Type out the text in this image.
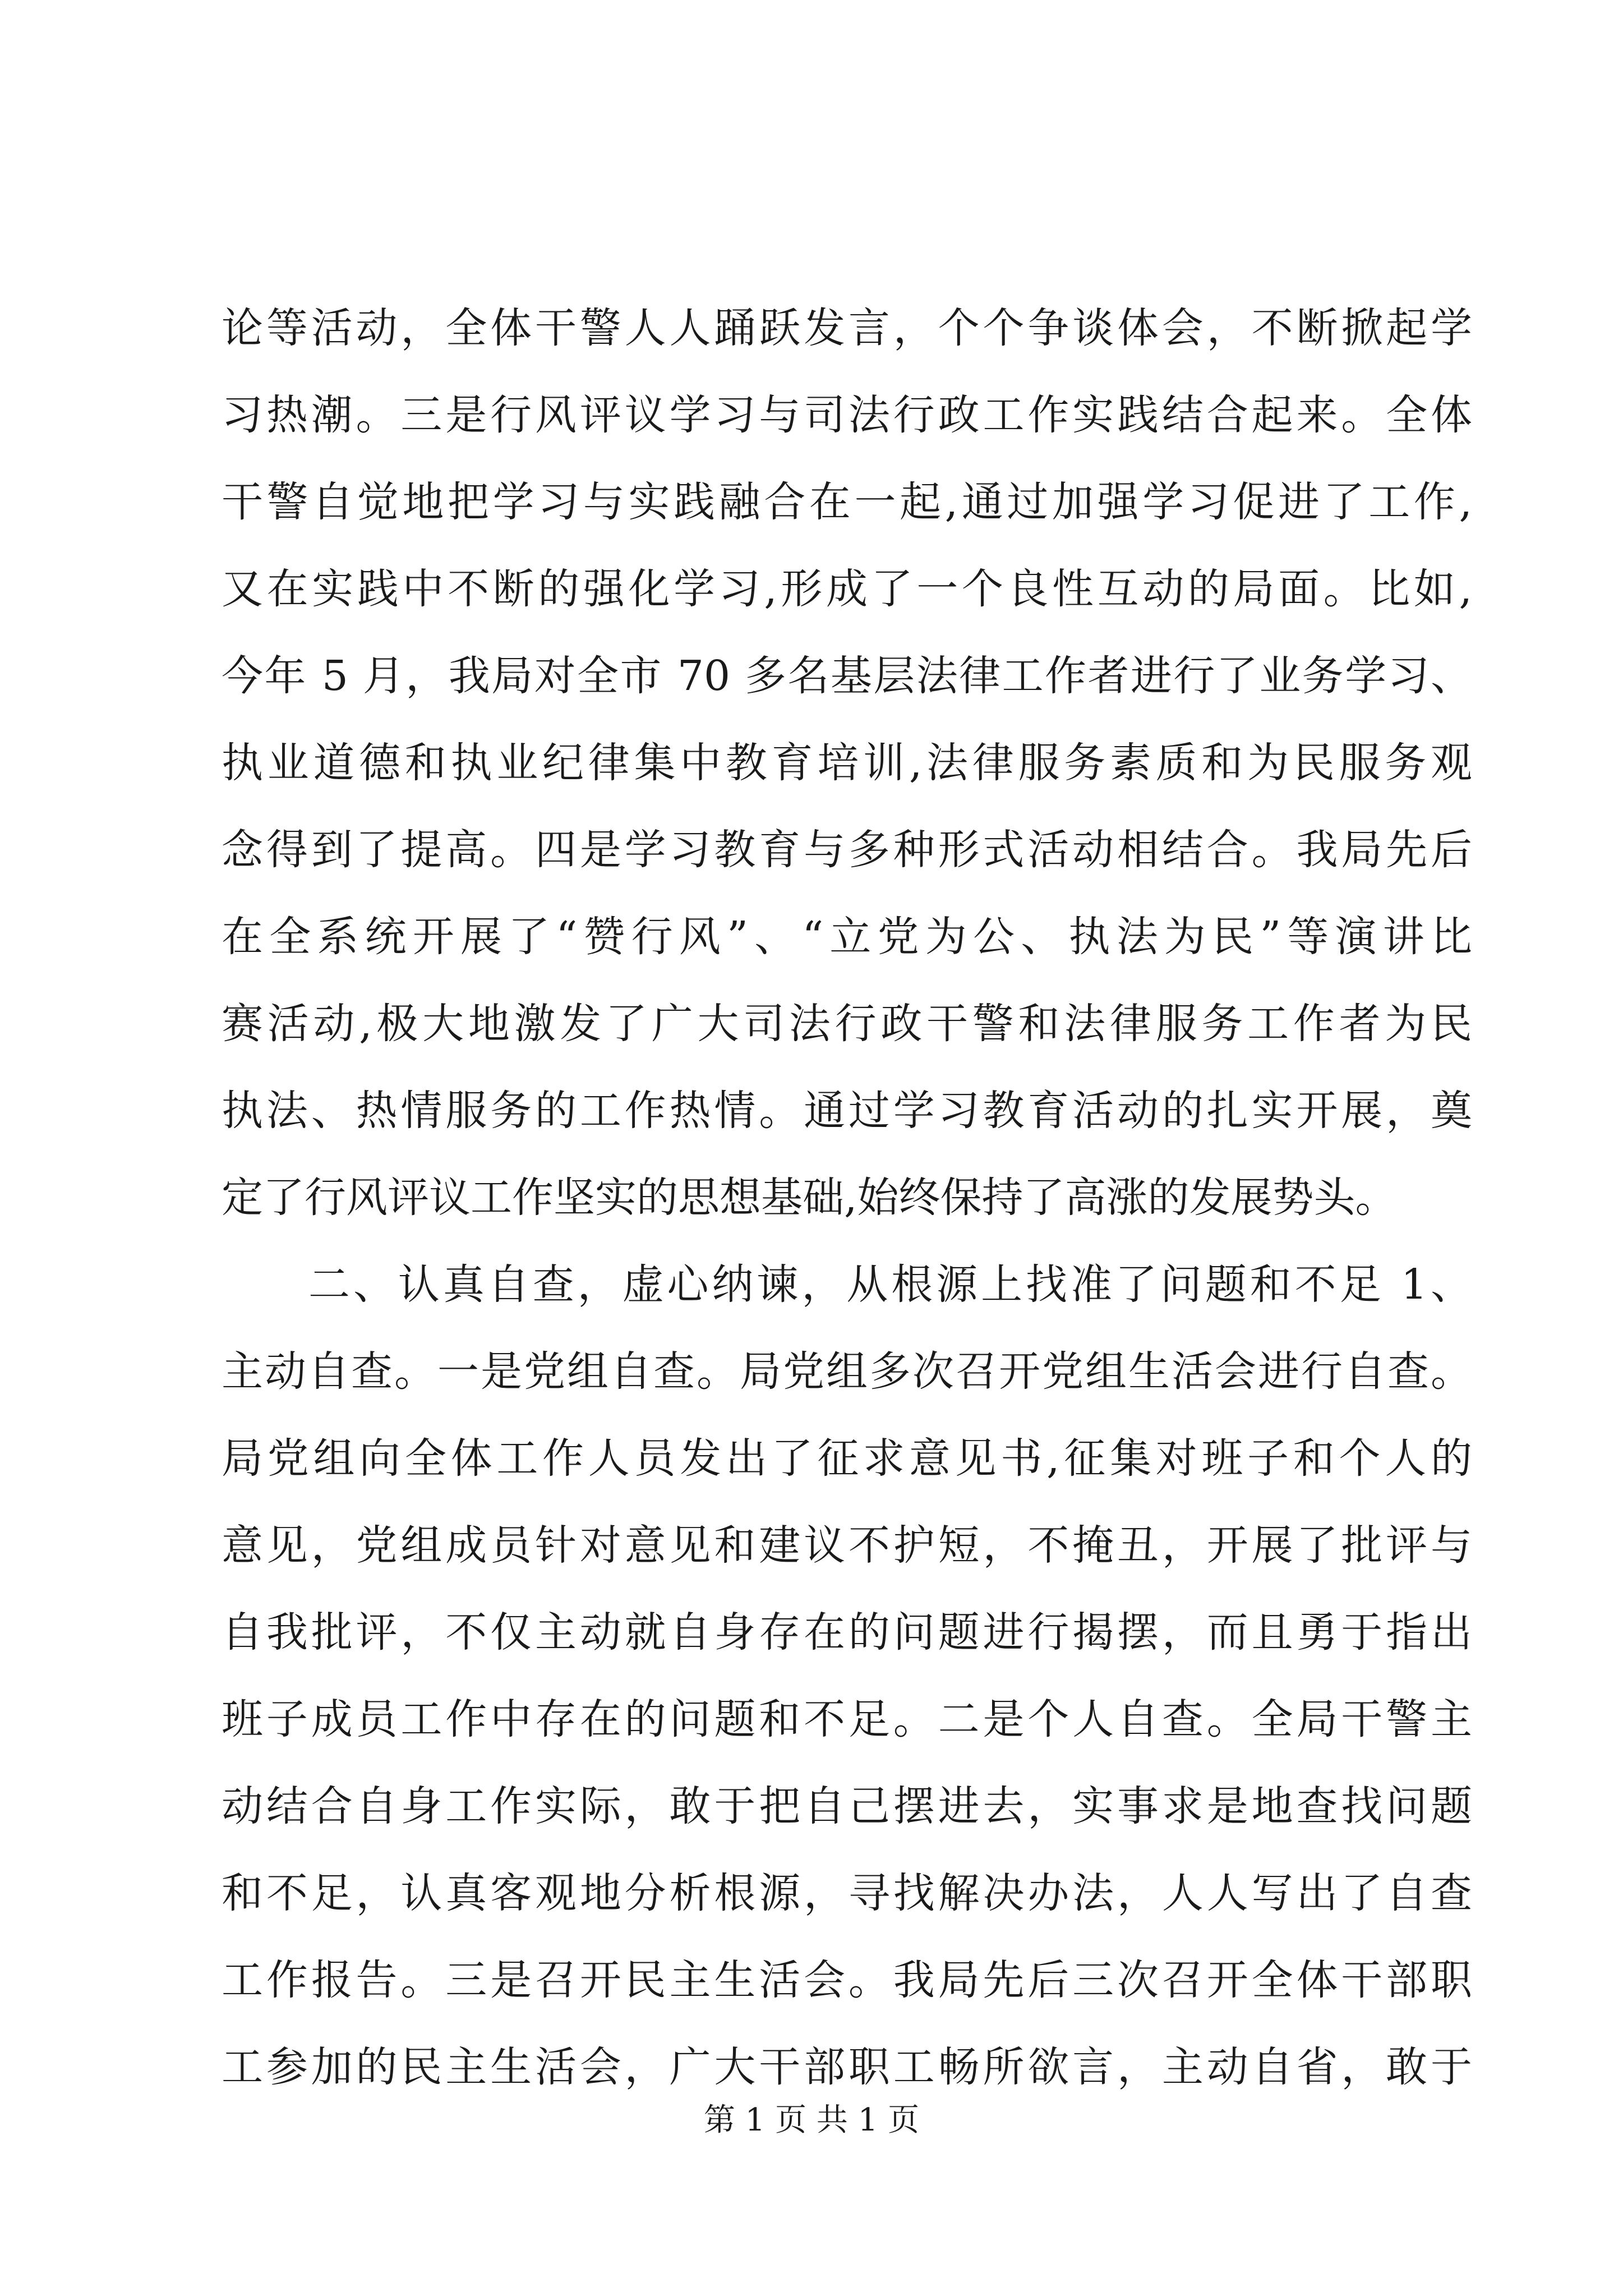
论等活动，全体干警人人踊跃发言，个个争谈体会，不断掀起学
习热潮。三是行风评议学习与司法行政工作实践结合起来。全体
干警自觉地把学习与实践融合在一起,通过加强学习促进了工作,
又在实践中不断的强化学习,形成了一个良性互动的局面。比如,
今年 5 月，我局对全市 70 多名基层法律工作者进行了业务学习、
执业道德和执业纪律集中教育培训,法律服务素质和为民服务观
念得到了提高。四是学习教育与多种形式活动相结合。我局先后
在全系统开展了“赞行风”、“立党为公、执法为民”等演讲比
赛活动,极大地激发了广大司法行政干警和法律服务工作者为民
执法、热情服务的工作热情。通过学习教育活动的扎实开展，奠
定了行风评议工作坚实的思想基础,始终保持了高涨的发展势头。
二、认真自查，虚心纳谏，从根源上找准了问题和不足 1、
主动自查。一是党组自查。局党组多次召开党组生活会进行自查。
局党组向全体工作人员发出了征求意见书,征集对班子和个人的
意见，党组成员针对意见和建议不护短，不掩丑，开展了批评与
自我批评，不仅主动就自身存在的问题进行揭摆，而且勇于指出
班子成员工作中存在的问题和不足。二是个人自查。全局干警主
动结合自身工作实际，敢于把自己摆进去，实事求是地查找问题
和不足，认真客观地分析根源，寻找解决办法，人人写出了自查
工作报告。三是召开民主生活会。我局先后三次召开全体干部职
工参加的民主生活会，广大干部职工畅所欲言，主动自省，敢于
第 1 页 共 1 页
